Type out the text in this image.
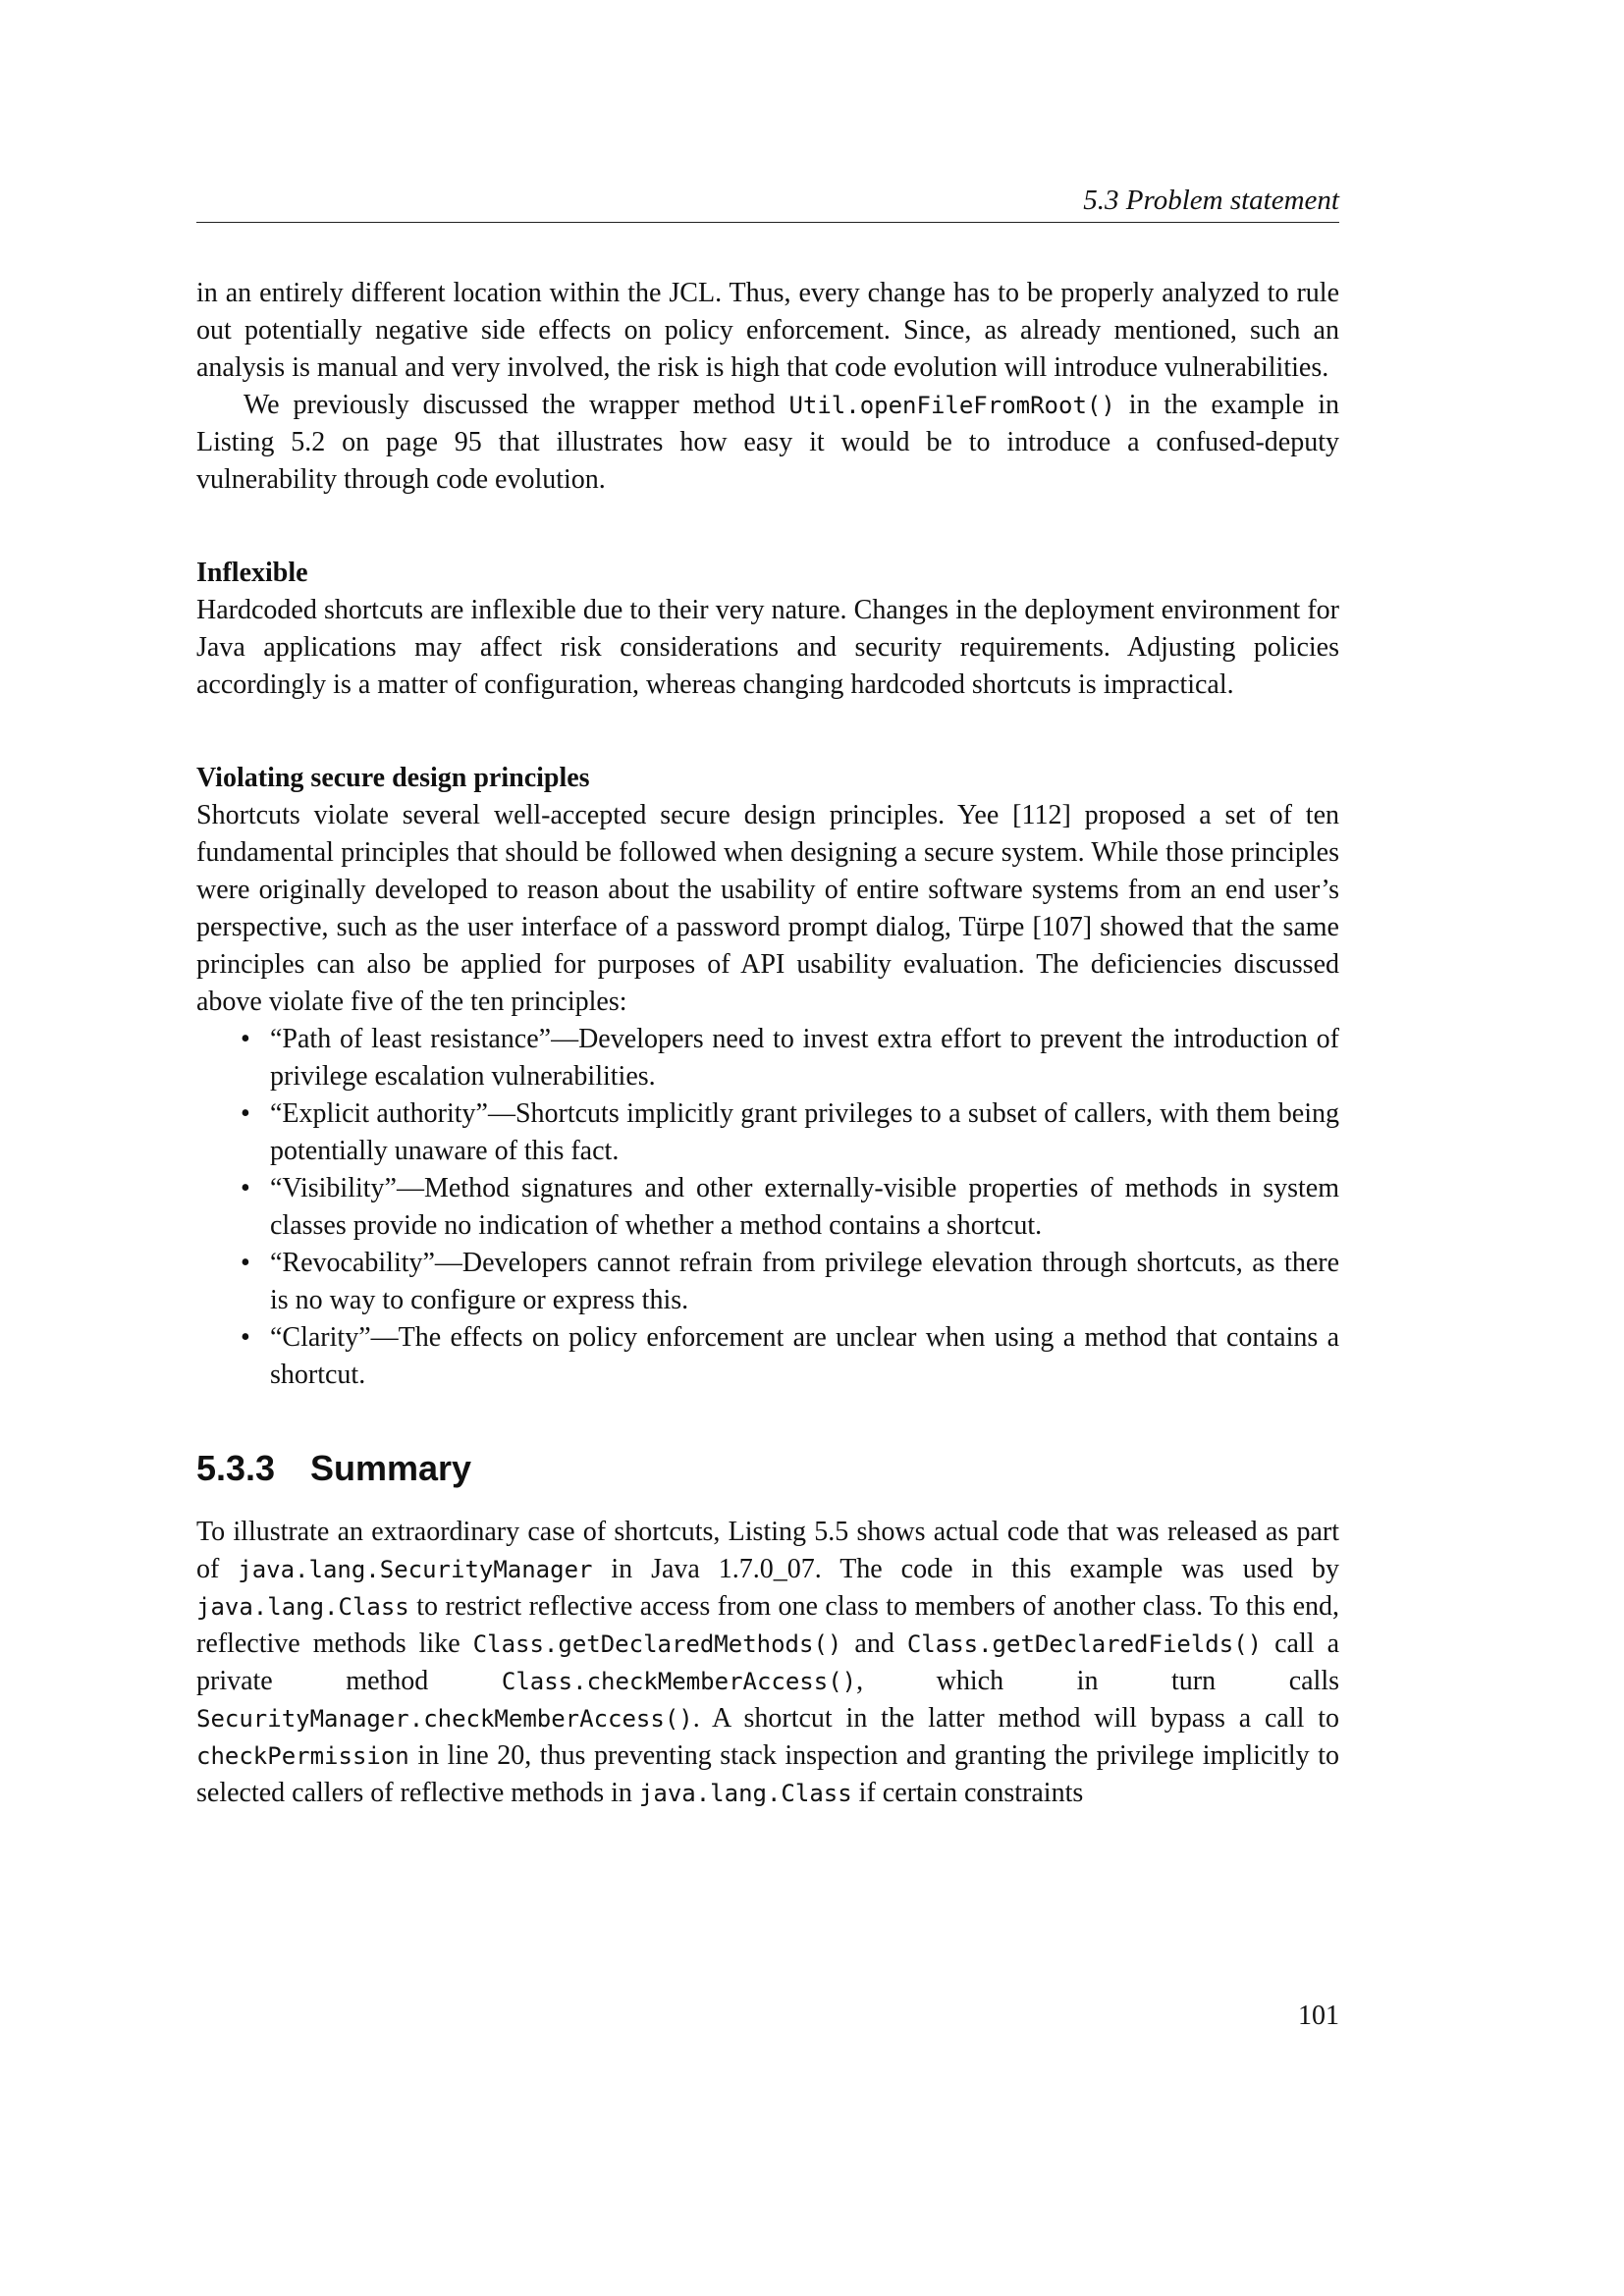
5.3 Problem statement

in an entirely different location within the JCL. Thus, every change has to be properly analyzed to rule out potentially negative side effects on policy enforcement. Since, as already mentioned, such an analysis is manual and very involved, the risk is high that code evolution will introduce vulnerabilities.

We previously discussed the wrapper method Util.openFileFromRoot() in the example in Listing 5.2 on page 95 that illustrates how easy it would be to introduce a confused-deputy vulnerability through code evolution.

Inflexible

Hardcoded shortcuts are inflexible due to their very nature. Changes in the deployment environment for Java applications may affect risk considerations and security requirements. Adjusting policies accordingly is a matter of configuration, whereas changing hardcoded shortcuts is impractical.

Violating secure design principles

Shortcuts violate several well-accepted secure design principles. Yee [112] proposed a set of ten fundamental principles that should be followed when designing a secure system. While those principles were originally developed to reason about the usability of entire software systems from an end user’s perspective, such as the user interface of a password prompt dialog, Türpe [107] showed that the same principles can also be applied for purposes of API usability evaluation. The deficiencies discussed above violate five of the ten principles:

• “Path of least resistance”—Developers need to invest extra effort to prevent the introduction of privilege escalation vulnerabilities.
• “Explicit authority”—Shortcuts implicitly grant privileges to a subset of callers, with them being potentially unaware of this fact.
• “Visibility”—Method signatures and other externally-visible properties of methods in system classes provide no indication of whether a method contains a shortcut.
• “Revocability”—Developers cannot refrain from privilege elevation through shortcuts, as there is no way to configure or express this.
• “Clarity”—The effects on policy enforcement are unclear when using a method that contains a shortcut.
5.3.3 Summary

To illustrate an extraordinary case of shortcuts, Listing 5.5 shows actual code that was released as part of java.lang.SecurityManager in Java 1.7.0_07. The code in this example was used by java.lang.Class to restrict reflective access from one class to members of another class. To this end, reflective methods like Class.getDeclaredMethods() and Class.getDeclaredFields() call a private method Class.checkMemberAccess(), which in turn calls SecurityManager.checkMemberAccess(). A shortcut in the latter method will bypass a call to checkPermission in line 20, thus preventing stack inspection and granting the privilege implicitly to selected callers of reflective methods in java.lang.Class if certain constraints

101
